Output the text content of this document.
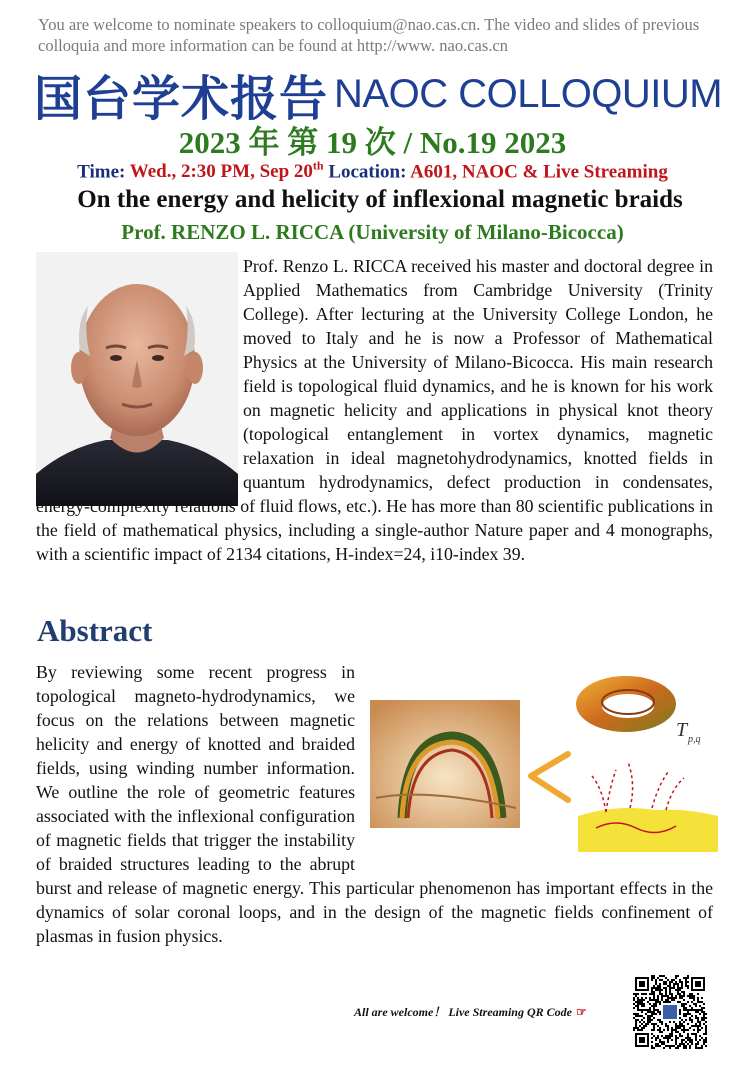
You are welcome to nominate speakers to colloquium@nao.cas.cn. The video and slides of previous colloquia and more information can be found at http://www. nao.cas.cn
国台学术报告 NAOC COLLOQUIUM
2023 年 第 19 次 / No.19 2023
Time: Wed., 2:30 PM, Sep 20th Location: A601, NAOC & Live Streaming
On the energy and helicity of inflexional magnetic braids
Prof. RENZO L. RICCA (University of Milano-Bicocca)
Prof. Renzo L. RICCA received his master and doctoral degree in Applied Mathematics from Cambridge University (Trinity College). After lecturing at the University College London, he moved to Italy and he is now a Professor of Mathematical Physics at the University of Milano-Bicocca. His main research field is topological fluid dynamics, and he is known for his work on magnetic helicity and applications in physical knot theory (topological entanglement in vortex dynamics, magnetic relaxation in ideal magnetohydrodynamics, knotted fields in quantum hydrodynamics, defect production in condensates, energy-complexity relations of fluid flows, etc.). He has more than 80 scientific publications in the field of mathematical physics, including a single-author Nature paper and 4 monographs, with a scientific impact of 2134 citations, H-index=24, i10-index 39.
Abstract
By reviewing some recent progress in topological magneto-hydrodynamics, we focus on the relations between magnetic helicity and energy of knotted and braided fields, using winding number information. We outline the role of geometric features associated with the inflexional configuration of magnetic fields that trigger the instability of braided structures leading to the abrupt burst and release of magnetic energy. This particular phenomenon has important effects in the dynamics of solar coronal loops, and in the design of the magnetic fields confinement of plasmas in fusion physics.
T p,q
All are welcome！ Live Streaming QR Code ☞
